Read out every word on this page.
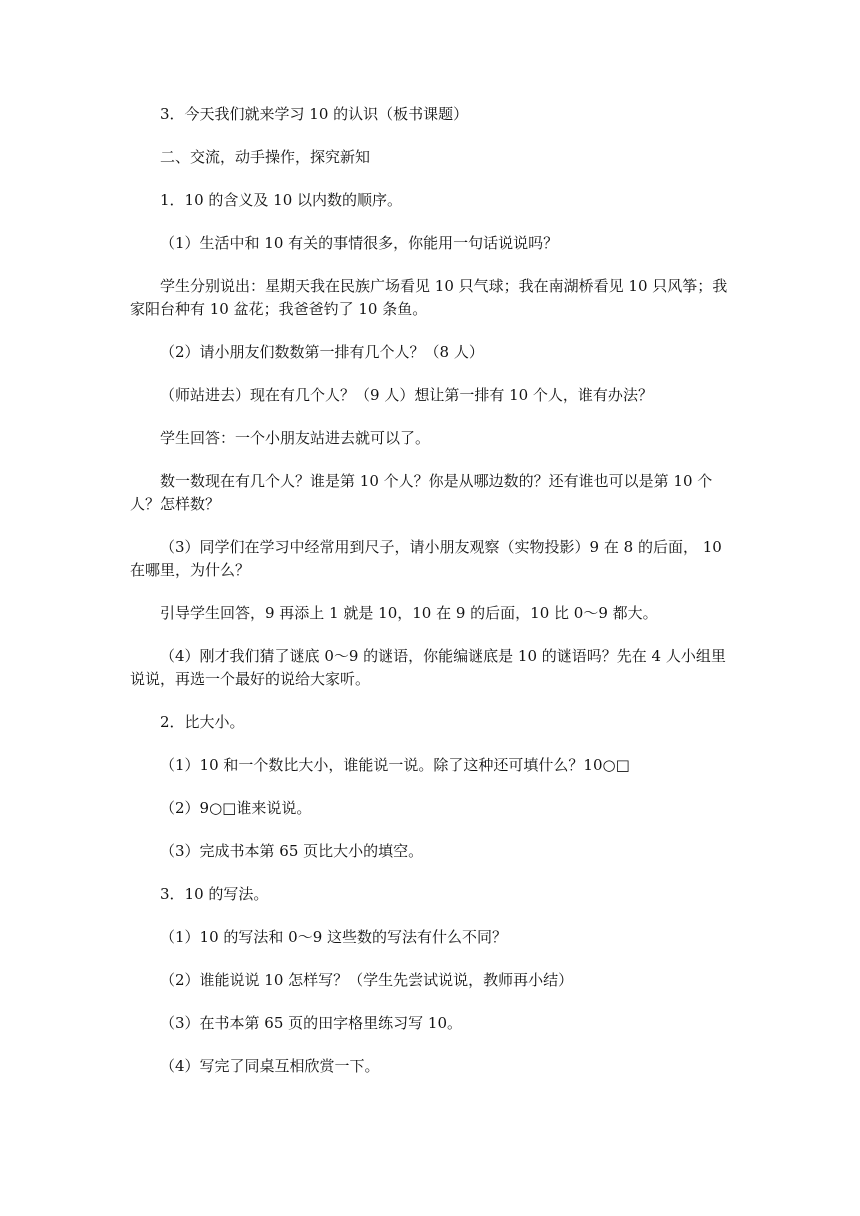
3．今天我们就来学习 10 的认识（板书课题）

二、交流，动手操作，探究新知

1．10 的含义及 10 以内数的顺序。

（1）生活中和 10 有关的事情很多，你能用一句话说说吗？

学生分别说出：星期天我在民族广场看见 10 只气球；我在南湖桥看见 10 只风筝；我家阳台种有 10 盆花；我爸爸钓了 10 条鱼。

（2）请小朋友们数数第一排有几个人？（8 人）

（师站进去）现在有几个人？（9 人）想让第一排有 10 个人，谁有办法？

学生回答：一个小朋友站进去就可以了。

数一数现在有几个人？谁是第 10 个人？你是从哪边数的？还有谁也可以是第 10 个人？怎样数？

（3）同学们在学习中经常用到尺子，请小朋友观察（实物投影）9 在 8 的后面， 10 在哪里，为什么？

引导学生回答，9 再添上 1 就是 10，10 在 9 的后面，10 比 0～9 都大。

（4）刚才我们猜了谜底 0～9 的谜语，你能编谜底是 10 的谜语吗？先在 4 人小组里说说，再选一个最好的说给大家听。

2．比大小。

（1）10 和一个数比大小，谁能说一说。除了这种还可填什么？10○□

（2）9○□谁来说说。

（3）完成书本第 65 页比大小的填空。

3．10 的写法。

（1）10 的写法和 0～9 这些数的写法有什么不同？

（2）谁能说说 10 怎样写？（学生先尝试说说，教师再小结）

（3）在书本第 65 页的田字格里练习写 10。

（4）写完了同桌互相欣赏一下。
